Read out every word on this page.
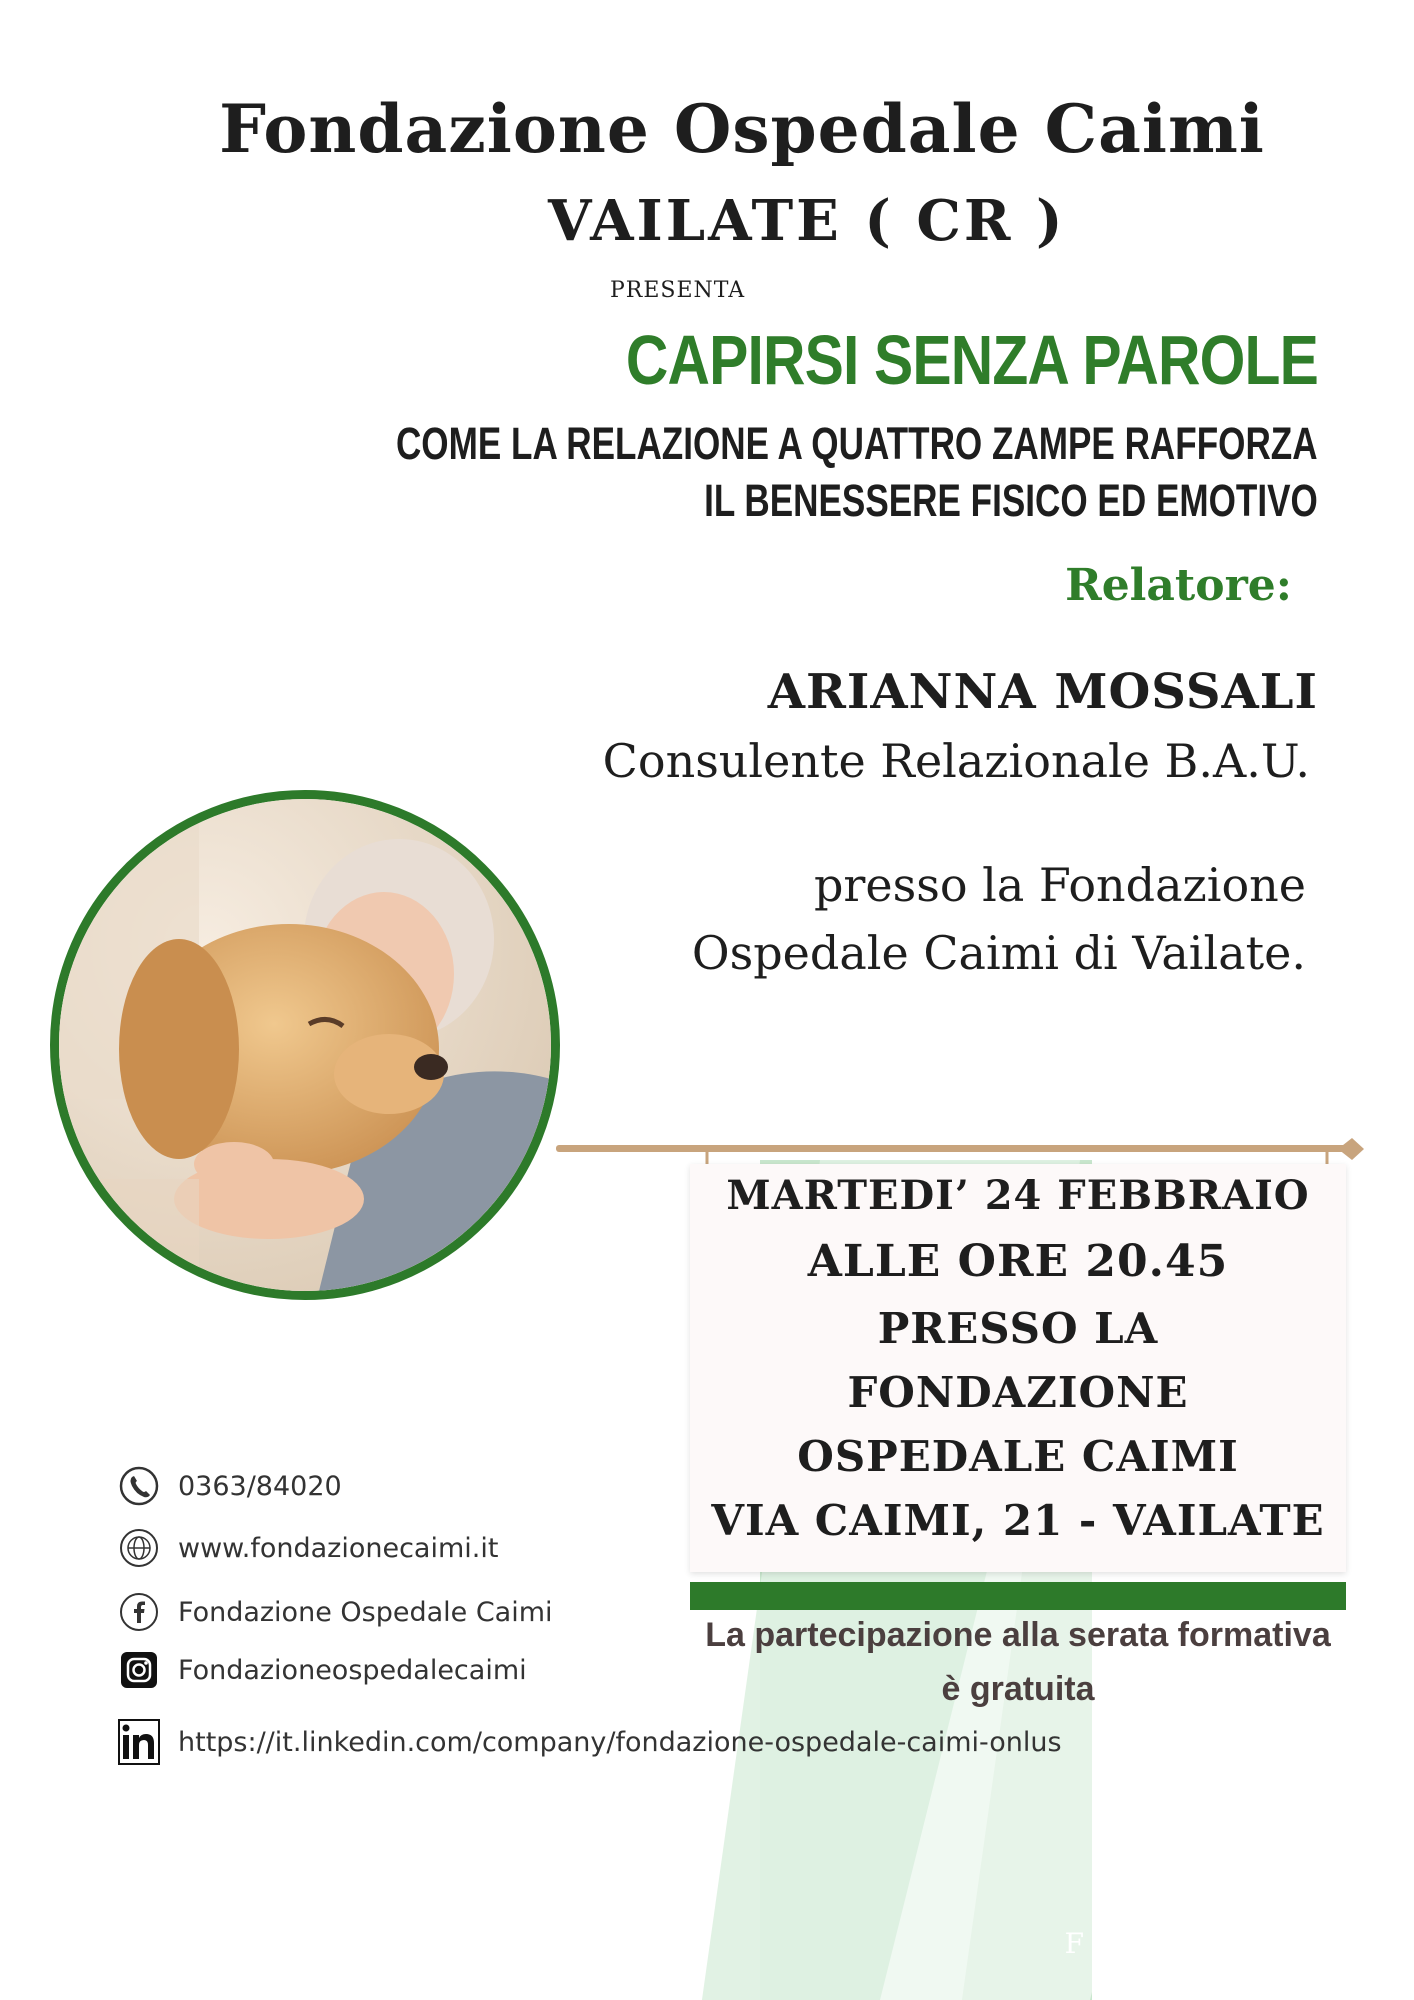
Fondazione Ospedale Caimi
VAILATE ( CR )
PRESENTA
CAPIRSI SENZA PAROLE
COME LA RELAZIONE A QUATTRO ZAMPE RAFFORZA
IL BENESSERE FISICO ED EMOTIVO
Relatore:
ARIANNA MOSSALI
Consulente Relazionale B.A.U.
presso la Fondazione
Ospedale Caimi di Vailate.
MARTEDI’ 24 FEBBRAIO
ALLE ORE 20.45
PRESSO LA
FONDAZIONE
OSPEDALE CAIMI
VIA CAIMI, 21 - VAILATE
La partecipazione alla serata formativa
è gratuita
0363/84020
www.fondazionecaimi.it
Fondazione Ospedale Caimi
Fondazioneospedalecaimi
https://it.linkedin.com/company/fondazione-ospedale-caimi-onlus
F
